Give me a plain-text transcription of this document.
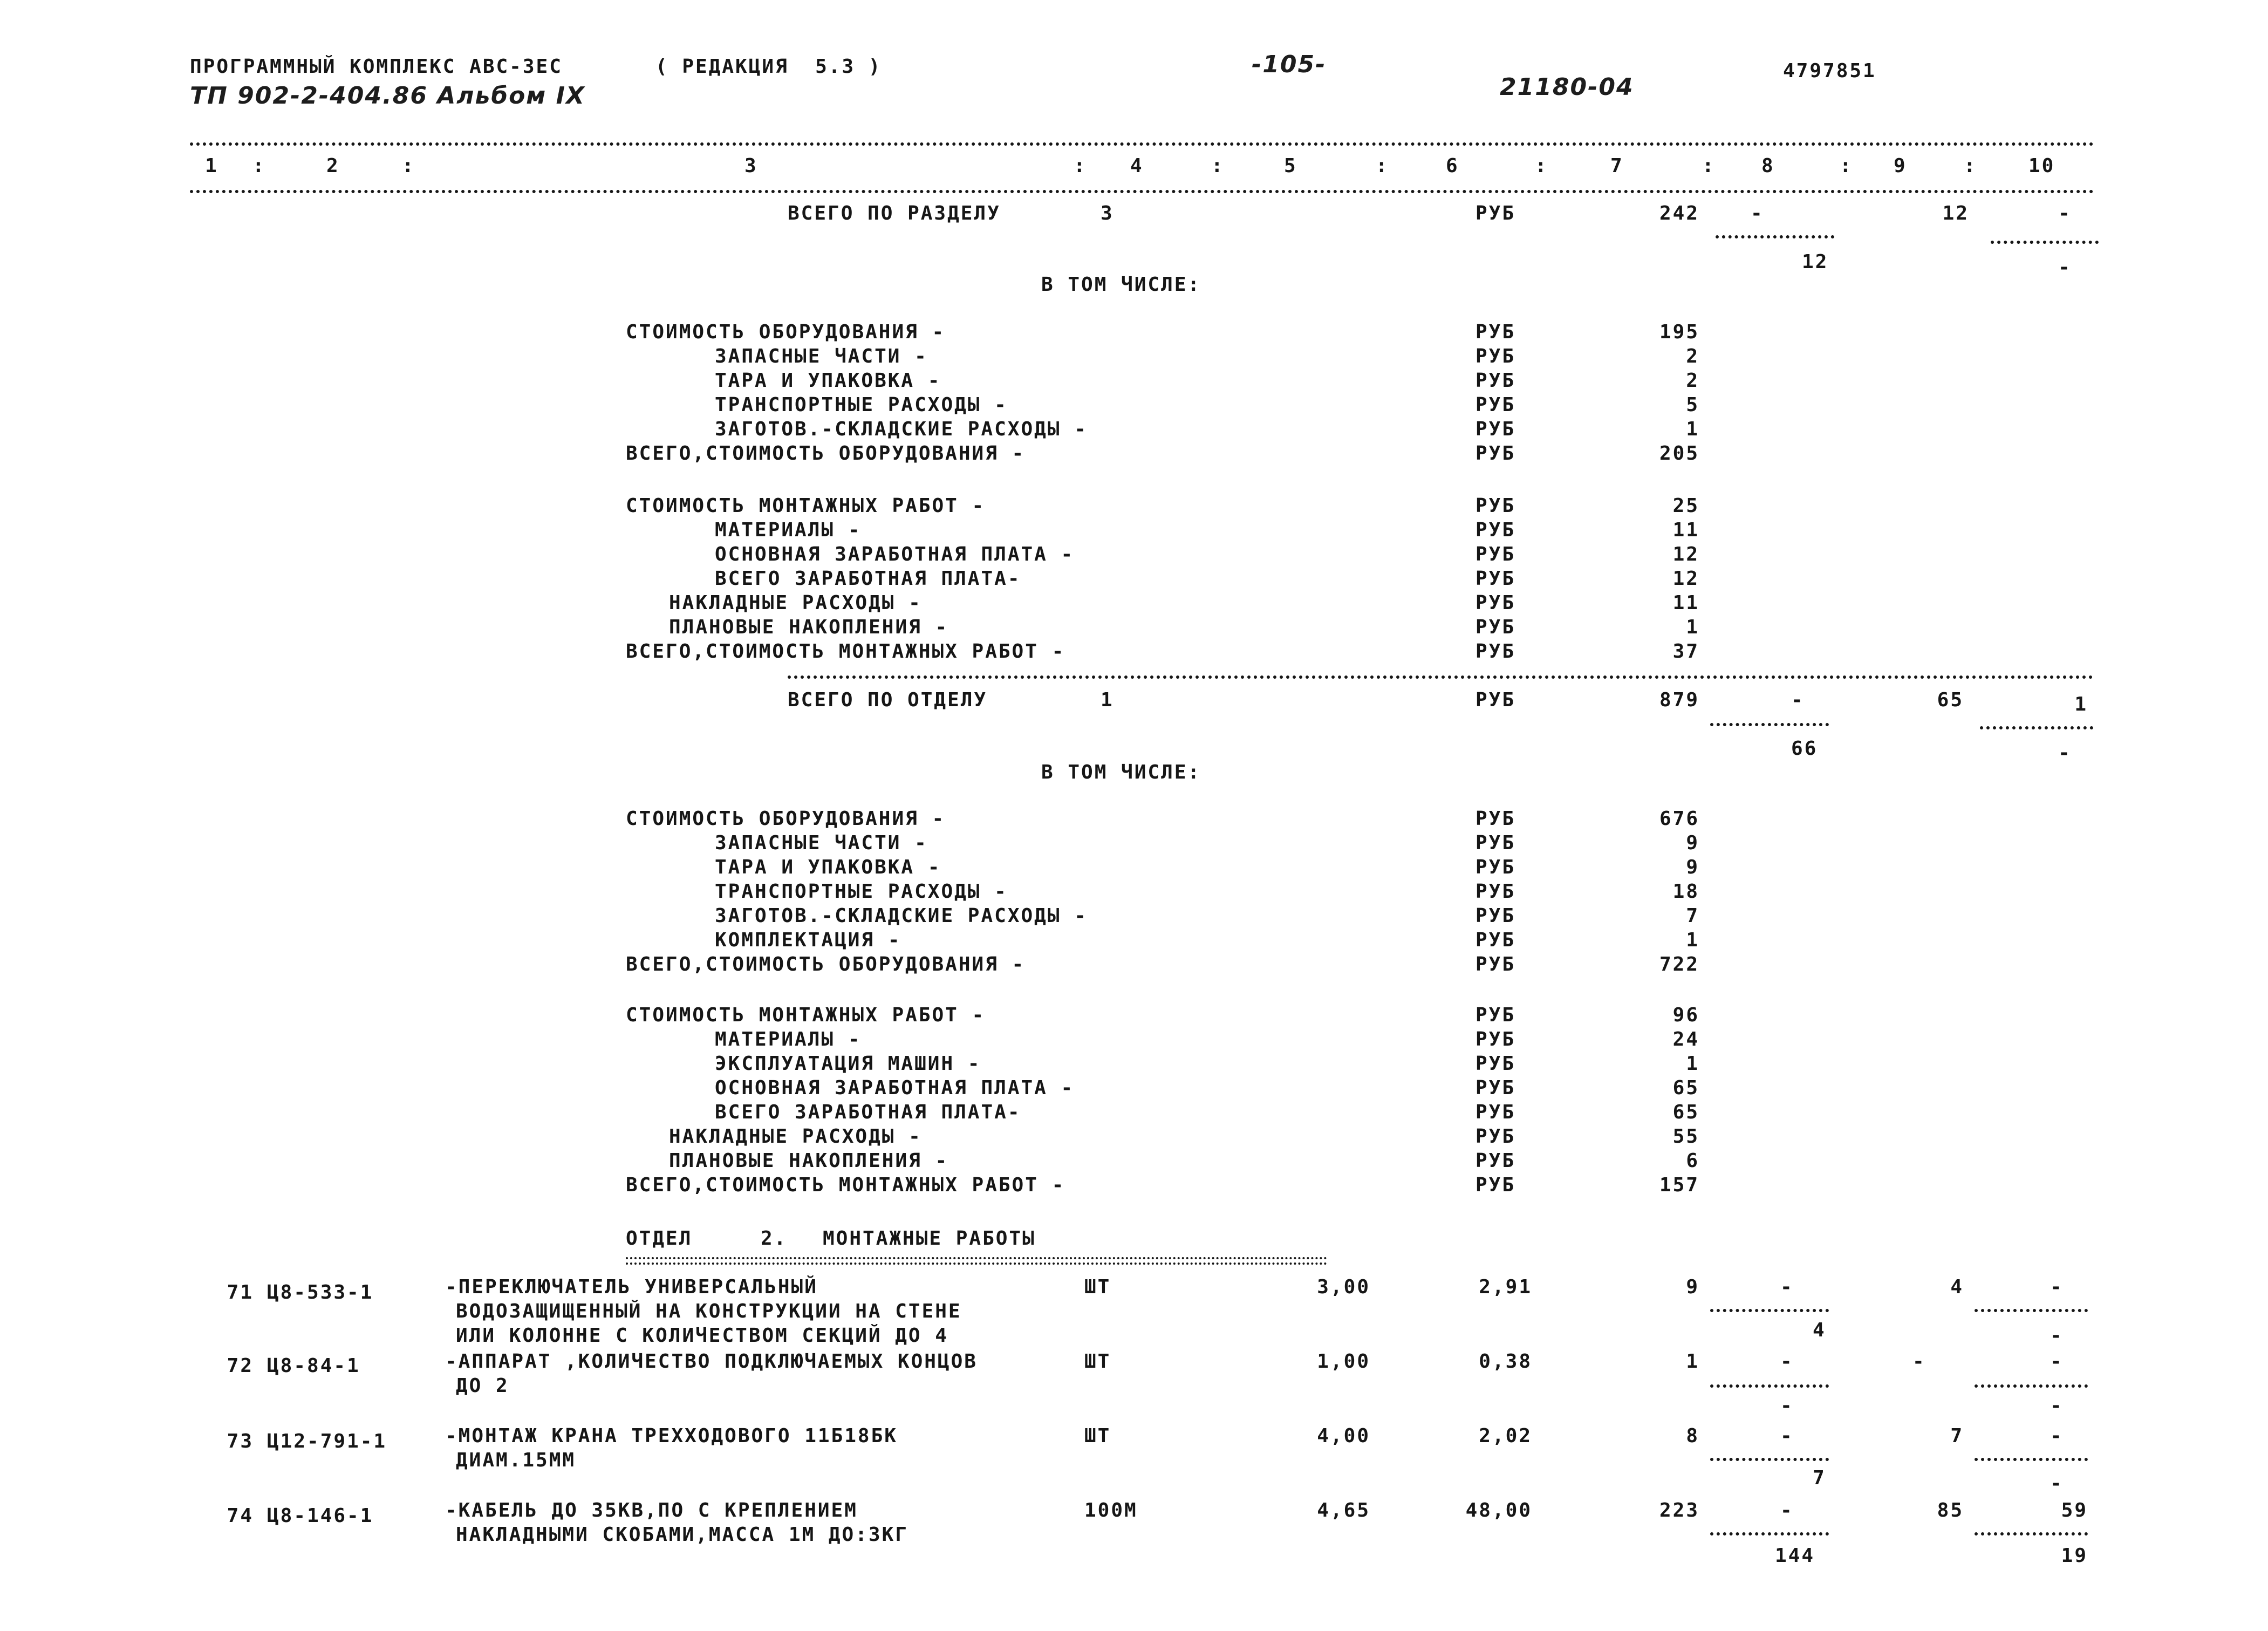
ПРОГРАММНЫЙ КОМПЛЕКС АВС-3ЕС	( РЕДАКЦИЯ  5.3 )	-105-
21180-04
4797851
ТП 902-2-404.86 Альбом IX
1	2	3	4	5	6	7	8	9	10
:	:	:	:	:	:	:	:	:
ВСЕГО ПО РАЗДЕЛУ	3	РУБ	242	-	12	-
12	-
В ТОМ ЧИСЛЕ:
СТОИМОСТЬ ОБОРУДОВАНИЯ -	РУБ	195
ЗАПАСНЫЕ ЧАСТИ -	РУБ	2
ТАРА И УПАКОВКА -	РУБ	2
ТРАНСПОРТНЫЕ РАСХОДЫ -	РУБ	5
ЗАГОТОВ.-СКЛАДСКИЕ РАСХОДЫ -	РУБ	1
ВСЕГО,СТОИМОСТЬ ОБОРУДОВАНИЯ -	РУБ	205
СТОИМОСТЬ МОНТАЖНЫХ РАБОТ -	РУБ	25
МАТЕРИАЛЫ -	РУБ	11
ОСНОВНАЯ ЗАРАБОТНАЯ ПЛАТА -	РУБ	12
ВСЕГО ЗАРАБОТНАЯ ПЛАТА-	РУБ	12
НАКЛАДНЫЕ РАСХОДЫ -	РУБ	11
ПЛАНОВЫЕ НАКОПЛЕНИЯ -	РУБ	1
ВСЕГО,СТОИМОСТЬ МОНТАЖНЫХ РАБОТ -	РУБ	37
ВСЕГО ПО ОТДЕЛУ	1	РУБ	879	-	65	1
66	-
В ТОМ ЧИСЛЕ:
СТОИМОСТЬ ОБОРУДОВАНИЯ -	РУБ	676
ЗАПАСНЫЕ ЧАСТИ -	РУБ	9
ТАРА И УПАКОВКА -	РУБ	9
ТРАНСПОРТНЫЕ РАСХОДЫ -	РУБ	18
ЗАГОТОВ.-СКЛАДСКИЕ РАСХОДЫ -	РУБ	7
КОМПЛЕКТАЦИЯ -	РУБ	1
ВСЕГО,СТОИМОСТЬ ОБОРУДОВАНИЯ -	РУБ	722
СТОИМОСТЬ МОНТАЖНЫХ РАБОТ -	РУБ	96
МАТЕРИАЛЫ -	РУБ	24
ЭКСПЛУАТАЦИЯ МАШИН -	РУБ	1
ОСНОВНАЯ ЗАРАБОТНАЯ ПЛАТА -	РУБ	65
ВСЕГО ЗАРАБОТНАЯ ПЛАТА-	РУБ	65
НАКЛАДНЫЕ РАСХОДЫ -	РУБ	55
ПЛАНОВЫЕ НАКОПЛЕНИЯ -	РУБ	6
ВСЕГО,СТОИМОСТЬ МОНТАЖНЫХ РАБОТ -	РУБ	157
ОТДЕЛ	2. МОНТАЖНЫЕ РАБОТЫ
71 Ц8-533-1	-ПЕРЕКЛЮЧАТЕЛЬ УНИВЕРСАЛЬНЫЙ
ВОДОЗАЩИЩЕННЫЙ НА КОНСТРУКЦИИ НА СТЕНЕ
ИЛИ КОЛОННЕ С КОЛИЧЕСТВОМ СЕКЦИЙ ДО 4
ШТ	3,00	2,91	9	-	4	-
4	-
72 Ц8-84-1	-АППАРАТ ,КОЛИЧЕСТВО ПОДКЛЮЧАЕМЫХ КОНЦОВ
ДО 2
ШТ	1,00	0,38	1	-	-	-
-	-
73 Ц12-791-1	-МОНТАЖ КРАНА ТРЕХХОДОВОГО 11Б18БК
ДИАМ.15ММ
ШТ	4,00	2,02	8	-	7	-
7	-
74 Ц8-146-1	-КАБЕЛЬ ДО 35КВ,ПО С КРЕПЛЕНИЕМ
НАКЛАДНЫМИ СКОБАМИ,МАССА 1М ДО:3КГ
100М	4,65	48,00	223	-	85	59
144	19
